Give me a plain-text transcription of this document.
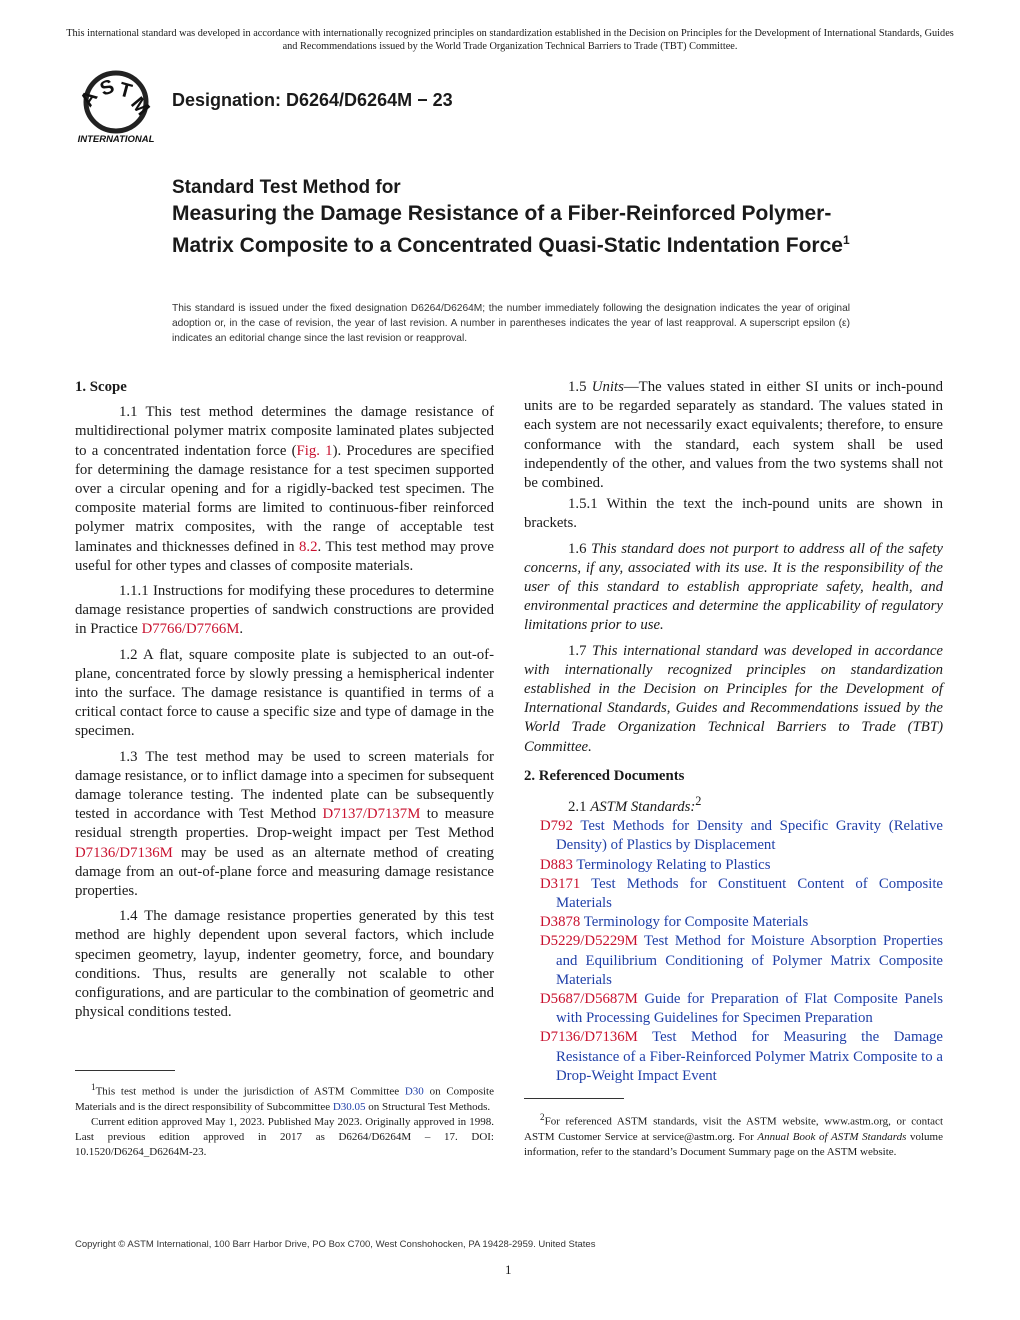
This international standard was developed in accordance with internationally recognized principles on standardization established in the Decision on Principles for the Development of International Standards, Guides and Recommendations issued by the World Trade Organization Technical Barriers to Trade (TBT) Committee.
A
S T
M
INTERNATIONAL
Designation: D6264/D6264M − 23
Standard Test Method for
Measuring the Damage Resistance of a Fiber-Reinforced Polymer-Matrix Composite to a Concentrated Quasi-Static Indentation Force$^1$
This standard is issued under the fixed designation D6264/D6264M; the number immediately following the designation indicates the year of original adoption or, in the case of revision, the year of last revision. A number in parentheses indicates the year of last reapproval. A superscript epsilon (ε) indicates an editorial change since the last revision or reapproval.
1. Scope

1.1 This test method determines the damage resistance of multidirectional polymer matrix composite laminated plates subjected to a concentrated indentation force (Fig. 1). Procedures are specified for determining the damage resistance for a test specimen supported over a circular opening and for a rigidly-backed test specimen. The composite material forms are limited to continuous-fiber reinforced polymer matrix composites, with the range of acceptable test laminates and thicknesses defined in 8.2. This test method may prove useful for other types and classes of composite materials.

1.1.1 Instructions for modifying these procedures to determine damage resistance properties of sandwich constructions are provided in Practice D7766/D7766M.

1.2 A flat, square composite plate is subjected to an out-of-plane, concentrated force by slowly pressing a hemispherical indenter into the surface. The damage resistance is quantified in terms of a critical contact force to cause a specific size and type of damage in the specimen.

1.3 The test method may be used to screen materials for damage resistance, or to inflict damage into a specimen for subsequent damage tolerance testing. The indented plate can be subsequently tested in accordance with Test Method D7137/D7137M to measure residual strength properties. Drop-weight impact per Test Method D7136/D7136M may be used as an alternate method of creating damage from an out-of-plane force and measuring damage resistance properties.

1.4 The damage resistance properties generated by this test method are highly dependent upon several factors, which include specimen geometry, layup, indenter geometry, force, and boundary conditions. Thus, results are generally not scalable to other configurations, and are particular to the combination of geometric and physical conditions tested.

1.5 Units—The values stated in either SI units or inch-pound units are to be regarded separately as standard. The values stated in each system are not necessarily exact equivalents; therefore, to ensure conformance with the standard, each system shall be used independently of the other, and values from the two systems shall not be combined.

1.5.1 Within the text the inch-pound units are shown in brackets.

1.6 This standard does not purport to address all of the safety concerns, if any, associated with its use. It is the responsibility of the user of this standard to establish appropriate safety, health, and environmental practices and determine the applicability of regulatory limitations prior to use.

1.7 This international standard was developed in accordance with internationally recognized principles on standardization established in the Decision on Principles for the Development of International Standards, Guides and Recommendations issued by the World Trade Organization Technical Barriers to Trade (TBT) Committee.

2. Referenced Documents

2.1 ASTM Standards:$^2$

D792 Test Methods for Density and Specific Gravity (Relative Density) of Plastics by Displacement

D883 Terminology Relating to Plastics

D3171 Test Methods for Constituent Content of Composite Materials

D3878 Terminology for Composite Materials

D5229/D5229M Test Method for Moisture Absorption Properties and Equilibrium Conditioning of Polymer Matrix Composite Materials

D5687/D5687M Guide for Preparation of Flat Composite Panels with Processing Guidelines for Specimen Preparation

D7136/D7136M Test Method for Measuring the Damage Resistance of a Fiber-Reinforced Polymer Matrix Composite to a Drop-Weight Impact Event

$^1$This test method is under the jurisdiction of ASTM Committee D30 on Composite Materials and is the direct responsibility of Subcommittee D30.05 on Structural Test Methods.

Current edition approved May 1, 2023. Published May 2023. Originally approved in 1998. Last previous edition approved in 2017 as D6264/D6264M – 17. DOI: 10.1520/D6264_D6264M-23.

$^2$For referenced ASTM standards, visit the ASTM website, www.astm.org, or contact ASTM Customer Service at service@astm.org. For Annual Book of ASTM Standards volume information, refer to the standard’s Document Summary page on the ASTM website.

Copyright © ASTM International, 100 Barr Harbor Drive, PO Box C700, West Conshohocken, PA 19428-2959. United States
1
